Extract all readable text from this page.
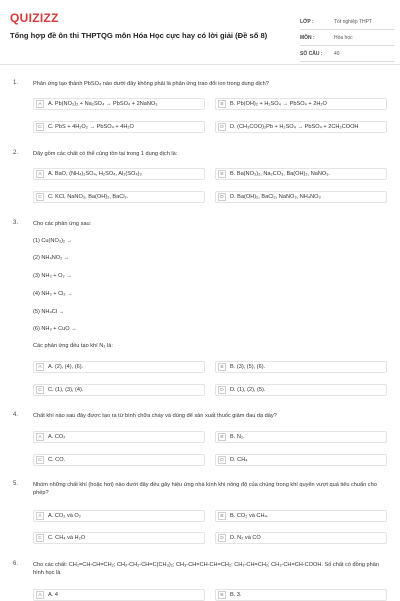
QUIZIZZ
Tổng hợp đề ôn thi THPTQG môn Hóa Học cực hay có lời giải (Đề số 8)
LỚP :	Tốt nghiệp THPT
MÔN :	Hóa học
SỐ CÂU :	40
1.	Phản ứng tạo thành PbSO₄ nào dưới đây không phải là phản ứng trao đổi ion trong dung dịch?
A	A. Pb(NO₃)₂ + Na₂SO₄ → PbSO₄ + 2NaNO₃	B	B. Pb(OH)₂ + H₂SO₄ → PbSO₄ + 2H₂O
C	C. PbS + 4H₂O₂ → PbSO₄ + 4H₂O	D	D. (CH₃COO)₂Pb + H₂SO₄ → PbSO₄ + 2CH₃COOH
2.	Dãy gồm các chất có thể cùng tồn tại trong 1 dung dịch là:
A	A. BaO, (NH₄)₂SO₄, H₂SO₄, Al₂(SO₄)₃	B	B. Ba(NO₃)₂, Na₂CO₃, Ba(OH)₂, NaNO₃.
C	C. KCl, NaNO₃, Ba(OH)₂, BaCl₂.	D	D. Ba(OH)₂, BaCl₂, NaNO₃, NH₄NO₃
3.	Cho các phản ứng sau:
(1) Cu(NO₃)₂ →
(2) NH₄NO₂ →
(3) NH₃ + O₂ →
(4) NH₃ + Cl₂ →
(5) NH₄Cl →
(6) NH₃ + CuO →
Các phản ứng đều tạo khí N₂ là:
A	A. (2), (4), (6).	B	B. (3), (5), (6).
C	C. (1), (3), (4).	D	D. (1), (2), (5).
4.	Chất khí nào sau đây được tạo ra từ bình chữa cháy và dùng để sản xuất thuốc giảm đau dạ dày?
A	A. CO₂	B	B. N₂.
C	C. CO.	D	D. CH₄
5.	Nhóm những chất khí (hoặc hơi) nào dưới đây đều gây hiệu ứng nhà kính khi nồng độ của chúng trong khí quyển vượt quá tiêu chuẩn cho phép?
A	A. CO₂ và O₂	B	B. CO₂ và CH₄.
C	C. CH₄ và H₂O	D	D. N₂ và CO
6.	Cho các chất: CH₂=CH-CH=CH₂; CH₃-CH₂-CH=C(CH₃)₂; CH₃-CH=CH-CH=CH₂; CH₃-CH=CH₂; CH₃-CH=CH-COOH. Số chất có đồng phân hình học là
A	A. 4	B	B. 3.
